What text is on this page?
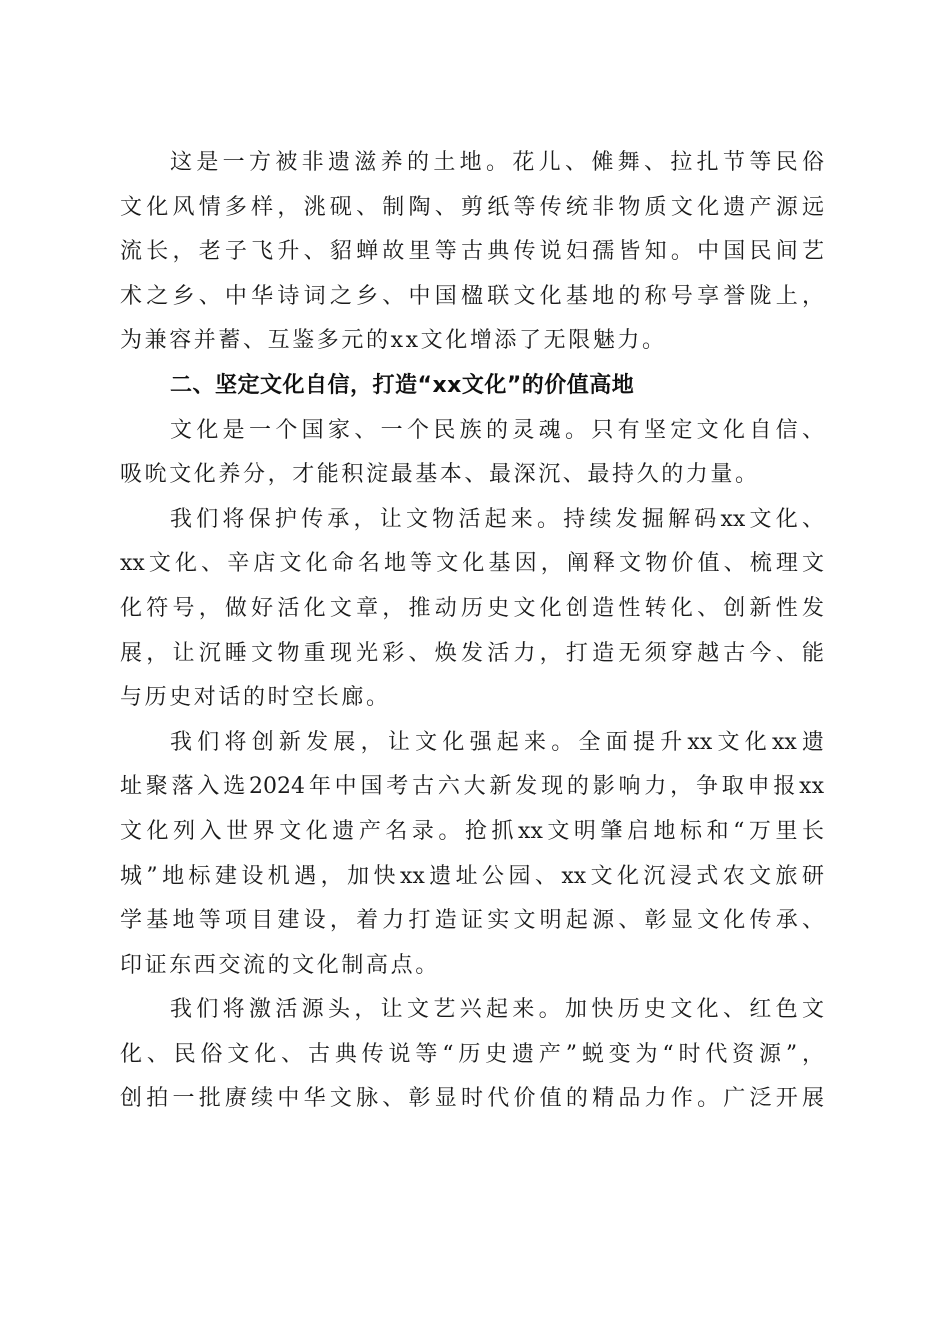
这是一方被非遗滋养的土地。花儿、傩舞、拉扎节等民俗
文化风情多样，洮砚、制陶、剪纸等传统非物质文化遗产源远
流长，老子飞升、貂蝉故里等古典传说妇孺皆知。中国民间艺
术之乡、中华诗词之乡、中国楹联文化基地的称号享誉陇上，
为兼容并蓄、互鉴多元的xx文化增添了无限魅力。
二、坚定文化自信，打造“xx文化”的价值高地
文化是一个国家、一个民族的灵魂。只有坚定文化自信、
吸吮文化养分，才能积淀最基本、最深沉、最持久的力量。
我们将保护传承，让文物活起来。持续发掘解码xx文化、
xx文化、辛店文化命名地等文化基因，阐释文物价值、梳理文
化符号，做好活化文章，推动历史文化创造性转化、创新性发
展，让沉睡文物重现光彩、焕发活力，打造无须穿越古今、能
与历史对话的时空长廊。
我们将创新发展，让文化强起来。全面提升xx文化xx遗
址聚落入选2024年中国考古六大新发现的影响力，争取申报xx
文化列入世界文化遗产名录。抢抓xx文明肇启地标和“万里长
城”地标建设机遇，加快xx遗址公园、xx文化沉浸式农文旅研
学基地等项目建设，着力打造证实文明起源、彰显文化传承、
印证东西交流的文化制高点。
我们将激活源头，让文艺兴起来。加快历史文化、红色文
化、民俗文化、古典传说等“历史遗产”蜕变为“时代资源”，
创拍一批赓续中华文脉、彰显时代价值的精品力作。广泛开展
